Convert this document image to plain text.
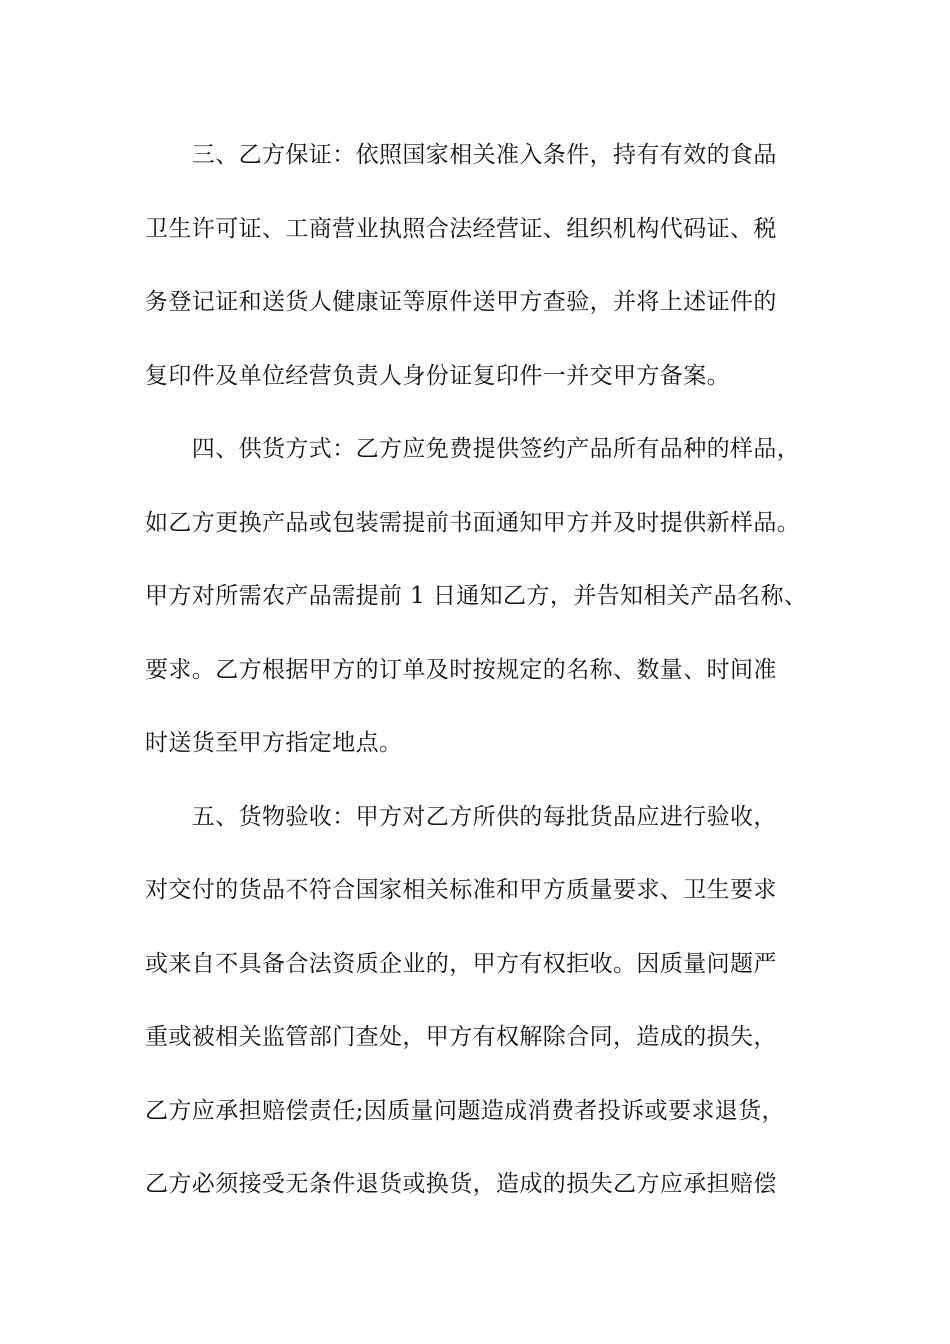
　　三、乙方保证：依照国家相关准入条件，持有有效的食品
卫生许可证、工商营业执照合法经营证、组织机构代码证、税
务登记证和送货人健康证等原件送甲方查验，并将上述证件的
复印件及单位经营负责人身份证复印件一并交甲方备案。
　　四、供货方式：乙方应免费提供签约产品所有品种的样品，
如乙方更换产品或包装需提前书面通知甲方并及时提供新样品。
甲方对所需农产品需提前 1 日通知乙方，并告知相关产品名称、
要求。乙方根据甲方的订单及时按规定的名称、数量、时间准
时送货至甲方指定地点。
　　五、货物验收：甲方对乙方所供的每批货品应进行验收，
对交付的货品不符合国家相关标准和甲方质量要求、卫生要求
或来自不具备合法资质企业的，甲方有权拒收。因质量问题严
重或被相关监管部门查处，甲方有权解除合同，造成的损失，
乙方应承担赔偿责任;因质量问题造成消费者投诉或要求退货，
乙方必须接受无条件退货或换货，造成的损失乙方应承担赔偿
